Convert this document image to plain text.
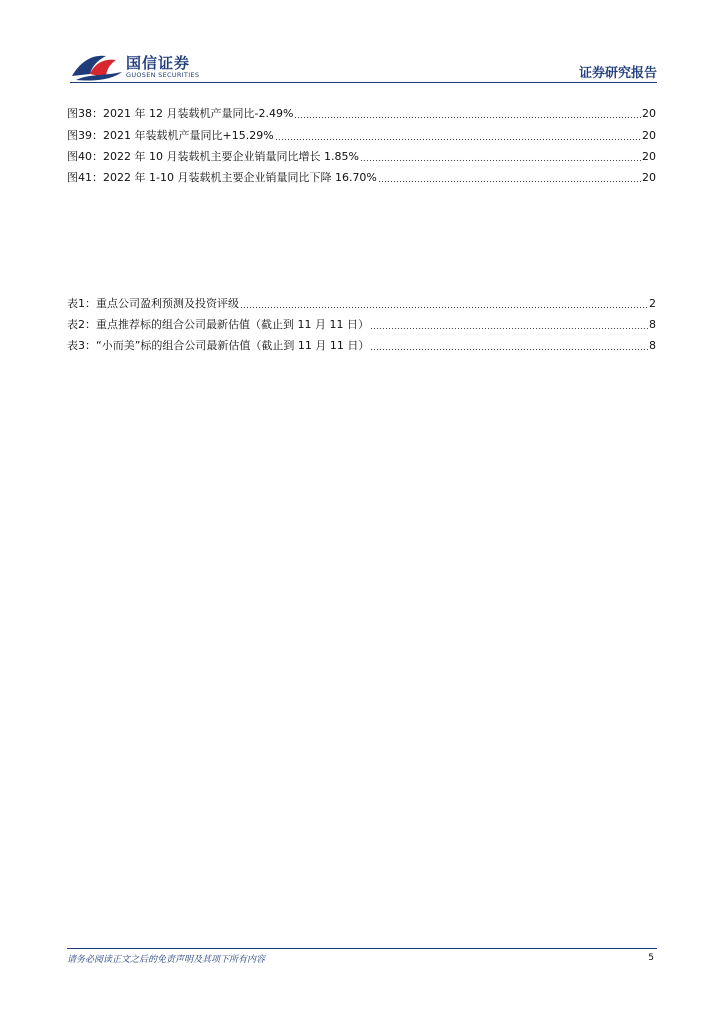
国信证券
GUOSEN SECURITIES	证券研究报告
图38： 2021 年 12 月装载机产量同比-2.49%	20
图39： 2021 年装载机产量同比+15.29%	20
图40： 2022 年 10 月装载机主要企业销量同比增长 1.85%	20
图41： 2022 年 1-10 月装载机主要企业销量同比下降 16.70%	20
表1： 重点公司盈利预测及投资评级	2
表2： 重点推荐标的组合公司最新估值（截止到 11 月 11 日）	8
表3： “小而美”标的组合公司最新估值（截止到 11 月 11 日）	8
请务必阅读正文之后的免责声明及其项下所有内容	5
